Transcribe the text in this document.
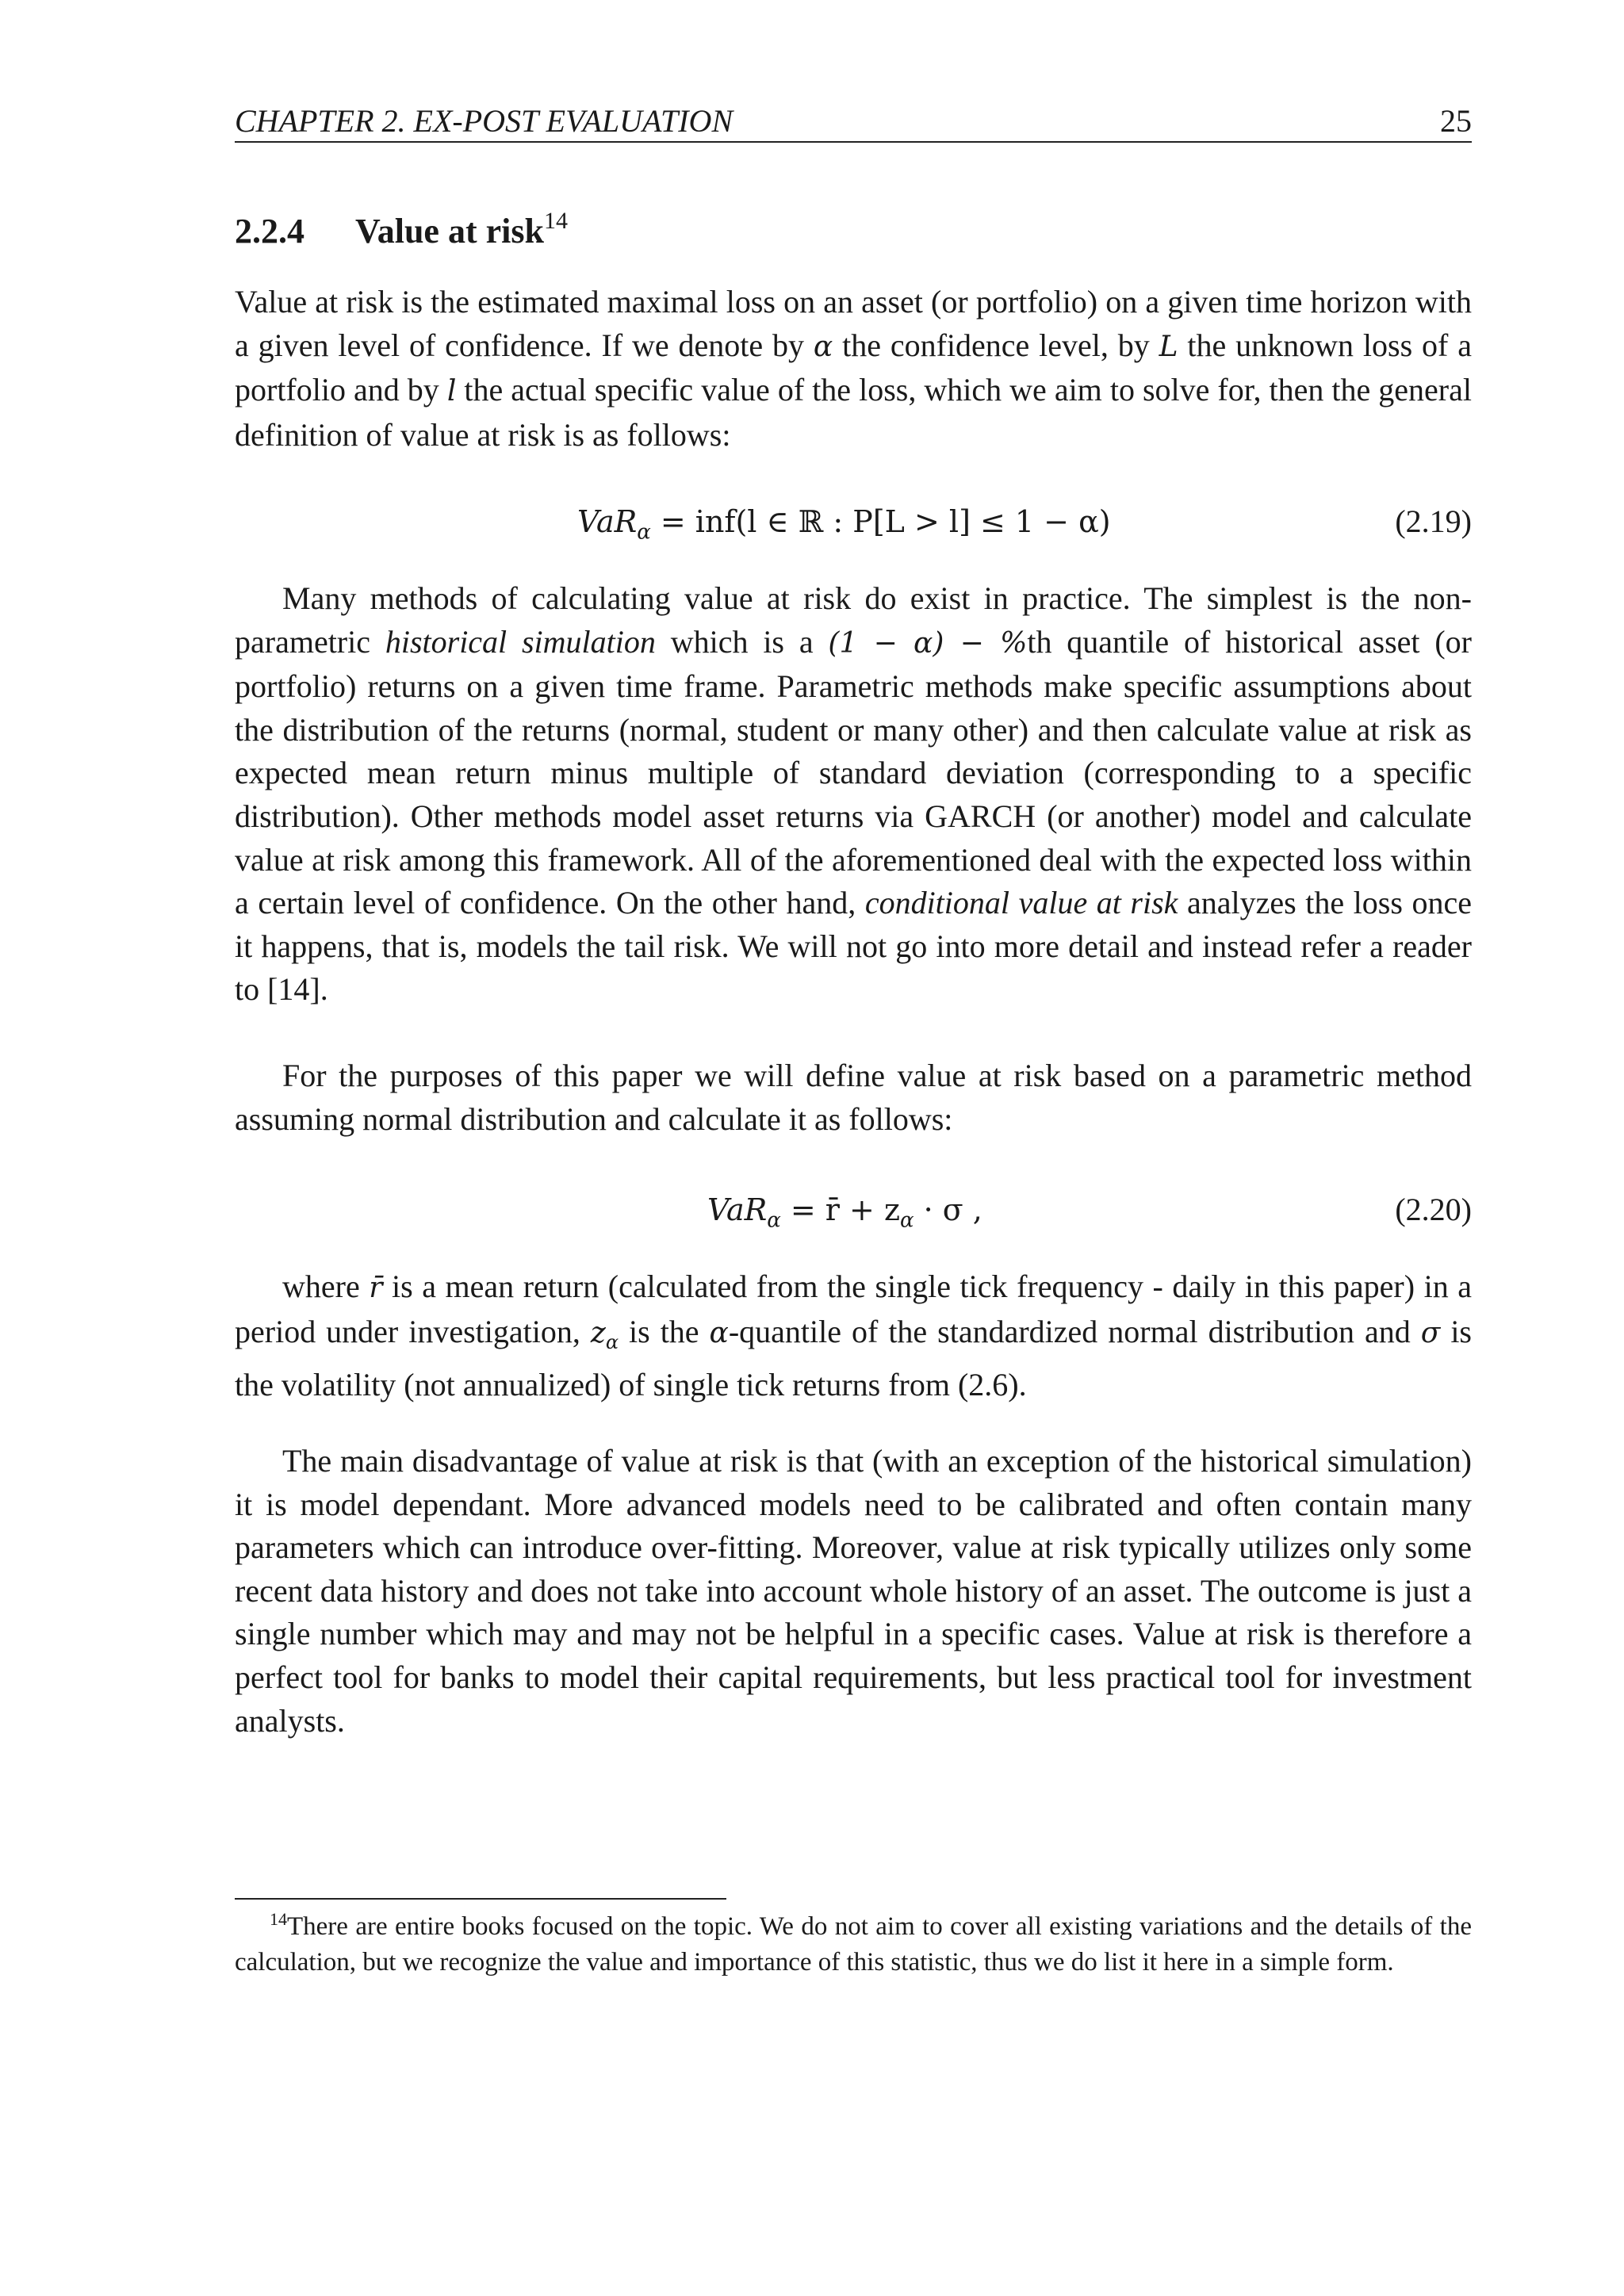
CHAPTER 2. EX-POST EVALUATION	25
2.2.4 Value at risk$^{14}$

Value at risk is the estimated maximal loss on an asset (or portfolio) on a given time horizon with a given level of confidence. If we denote by α the confidence level, by L the unknown loss of a portfolio and by l the actual specific value of the loss, which we aim to solve for, then the general definition of value at risk is as follows:

VaR$_\alpha$ = inf(l ∈ ℝ : P[L > l] ≤ 1 − α)	(2.19)

Many methods of calculating value at risk do exist in practice. The simplest is the non-parametric historical simulation which is a (1 − α) − %th quantile of historical asset (or portfolio) returns on a given time frame. Parametric methods make specific assumptions about the distribution of the returns (normal, student or many other) and then calculate value at risk as expected mean return minus multiple of standard deviation (corresponding to a specific distribution). Other methods model asset returns via GARCH (or another) model and calculate value at risk among this framework. All of the aforementioned deal with the expected loss within a certain level of confidence. On the other hand, conditional value at risk analyzes the loss once it happens, that is, models the tail risk. We will not go into more detail and instead refer a reader to [14].

For the purposes of this paper we will define value at risk based on a parametric method assuming normal distribution and calculate it as follows:

VaR$_\alpha$ = r̄ + $z_\alpha \cdot \sigma$ ,	(2.20)

where r̄ is a mean return (calculated from the single tick frequency - daily in this paper) in a period under investigation, $z_\alpha$ is the α-quantile of the standardized normal distribution and σ is the volatility (not annualized) of single tick returns from (2.6).

The main disadvantage of value at risk is that (with an exception of the historical simulation) it is model dependant. More advanced models need to be calibrated and often contain many parameters which can introduce over-fitting. Moreover, value at risk typically utilizes only some recent data history and does not take into account whole history of an asset. The outcome is just a single number which may and may not be helpful in a specific cases. Value at risk is therefore a perfect tool for banks to model their capital requirements, but less practical tool for investment analysts.

$^{14}$There are entire books focused on the topic. We do not aim to cover all existing variations and the details of the calculation, but we recognize the value and importance of this statistic, thus we do list it here in a simple form.
